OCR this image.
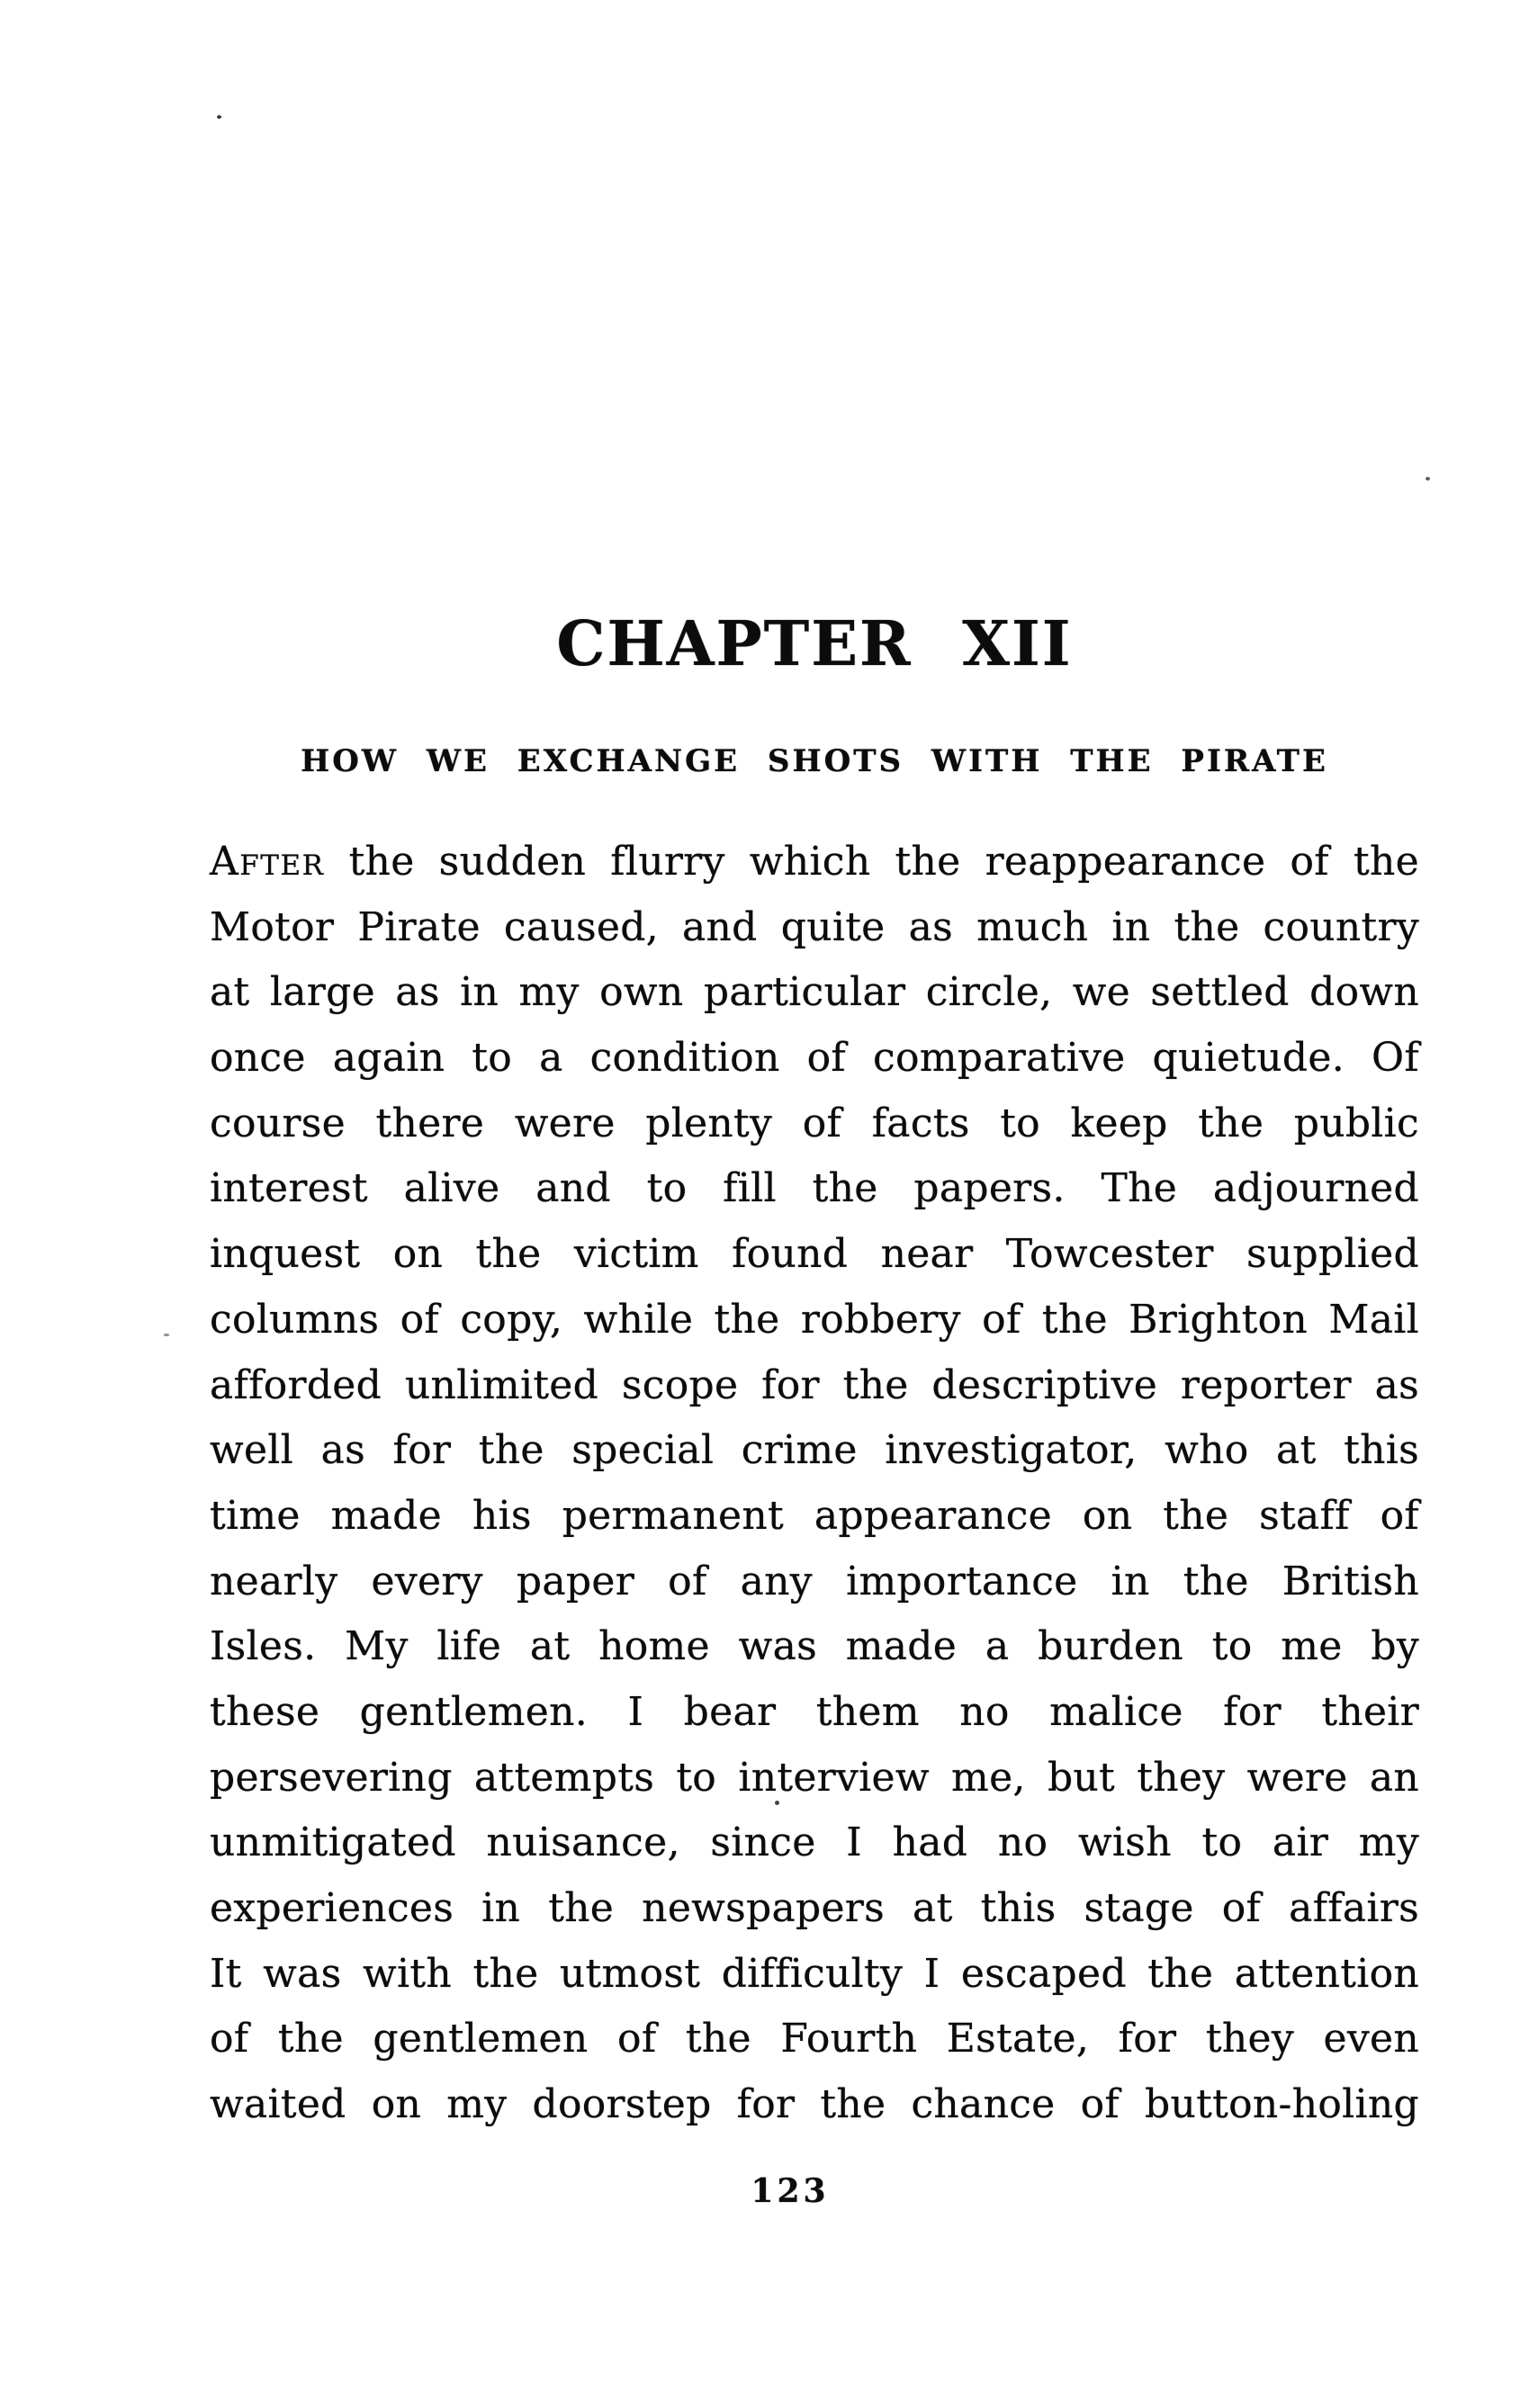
CHAPTER XII
HOW WE EXCHANGE SHOTS WITH THE PIRATE
After the sudden flurry which the reappearance of the
Motor Pirate caused, and quite as much in the country
at large as in my own particular circle, we settled down
once again to a condition of comparative quietude. Of
course there were plenty of facts to keep the public
interest alive and to fill the papers. The adjourned
inquest on the victim found near Towcester supplied
columns of copy, while the robbery of the Brighton Mail
afforded unlimited scope for the descriptive reporter as
well as for the special crime investigator, who at this
time made his permanent appearance on the staff of
nearly every paper of any importance in the British
Isles. My life at home was made a burden to me by
these gentlemen. I bear them no malice for their
persevering attempts to interview me, but they were an
unmitigated nuisance, since I had no wish to air my
experiences in the newspapers at this stage of affairs
It was with the utmost difficulty I escaped the attention
of the gentlemen of the Fourth Estate, for they even
waited on my doorstep for the chance of button-holing
123
